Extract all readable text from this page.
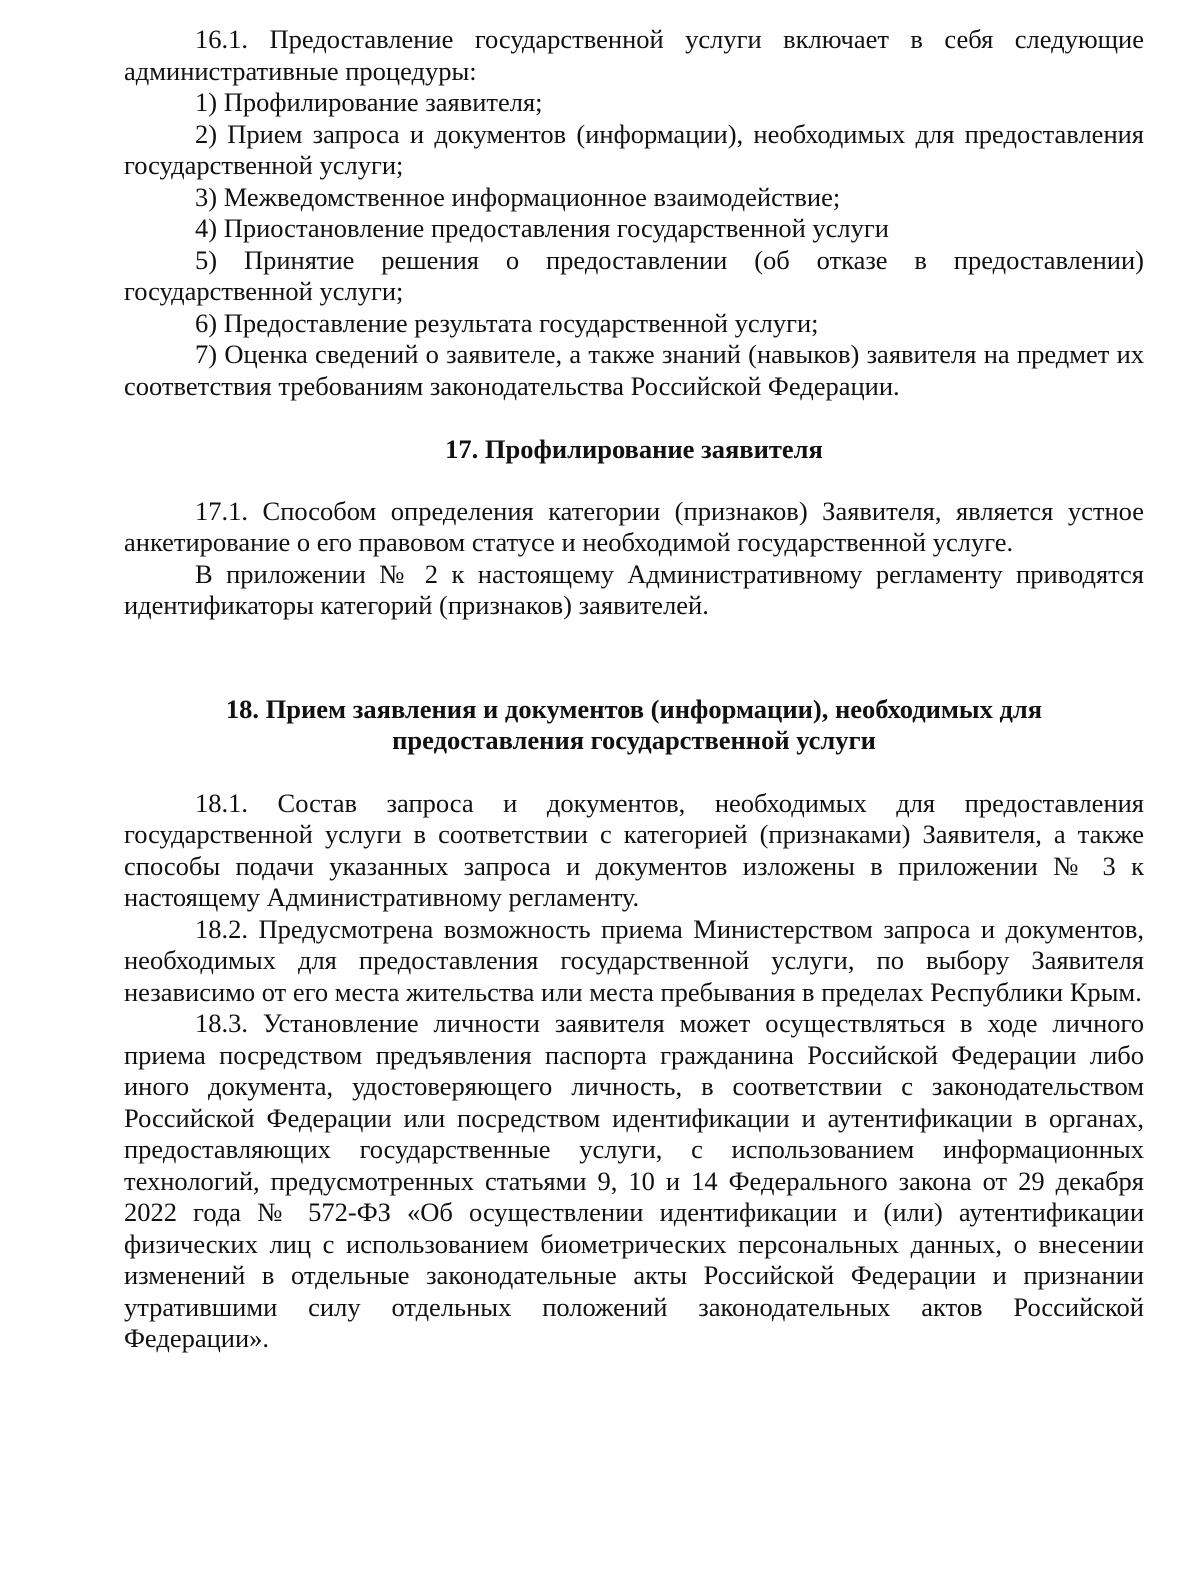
16.1. Предоставление государственной услуги включает в себя следующие административные процедуры:

1) Профилирование заявителя;

2) Прием запроса и документов (информации), необходимых для предоставления государственной услуги;

3) Межведомственное информационное взаимодействие;

4) Приостановление предоставления государственной услуги

5) Принятие решения о предоставлении (об отказе в предоставлении) государственной услуги;

6) Предоставление результата государственной услуги;

7) Оценка сведений о заявителе, а также знаний (навыков) заявителя на предмет их соответствия требованиям законодательства Российской Федерации.

17. Профилирование заявителя

17.1. Способом определения категории (признаков) Заявителя, является устное анкетирование о его правовом статусе и необходимой государственной услуге.

В приложении № 2 к настоящему Административному регламенту приводятся идентификаторы категорий (признаков) заявителей.

18. Прием заявления и документов (информации), необходимых для
предоставления государственной услуги

18.1. Состав запроса и документов, необходимых для предоставления государственной услуги в соответствии с категорией (признаками) Заявителя, а также способы подачи указанных запроса и документов изложены в приложении № 3 к настоящему Административному регламенту.

18.2. Предусмотрена возможность приема Министерством запроса и документов, необходимых для предоставления государственной услуги, по выбору Заявителя независимо от его места жительства или места пребывания в пределах Республики Крым.

18.3. Установление личности заявителя может осуществляться в ходе личного приема посредством предъявления паспорта гражданина Российской Федерации либо иного документа, удостоверяющего личность, в соответствии с законодательством Российской Федерации или посредством идентификации и аутентификации в органах, предоставляющих государственные услуги, с использованием информационных технологий, предусмотренных статьями 9, 10 и 14 Федерального закона от 29 декабря 2022 года № 572-ФЗ «Об осуществлении идентификации и (или) аутентификации физических лиц с использованием биометрических персональных данных, о внесении изменений в отдельные законодательные акты Российской Федерации и признании утратившими силу отдельных положений законодательных актов Российской Федерации».
